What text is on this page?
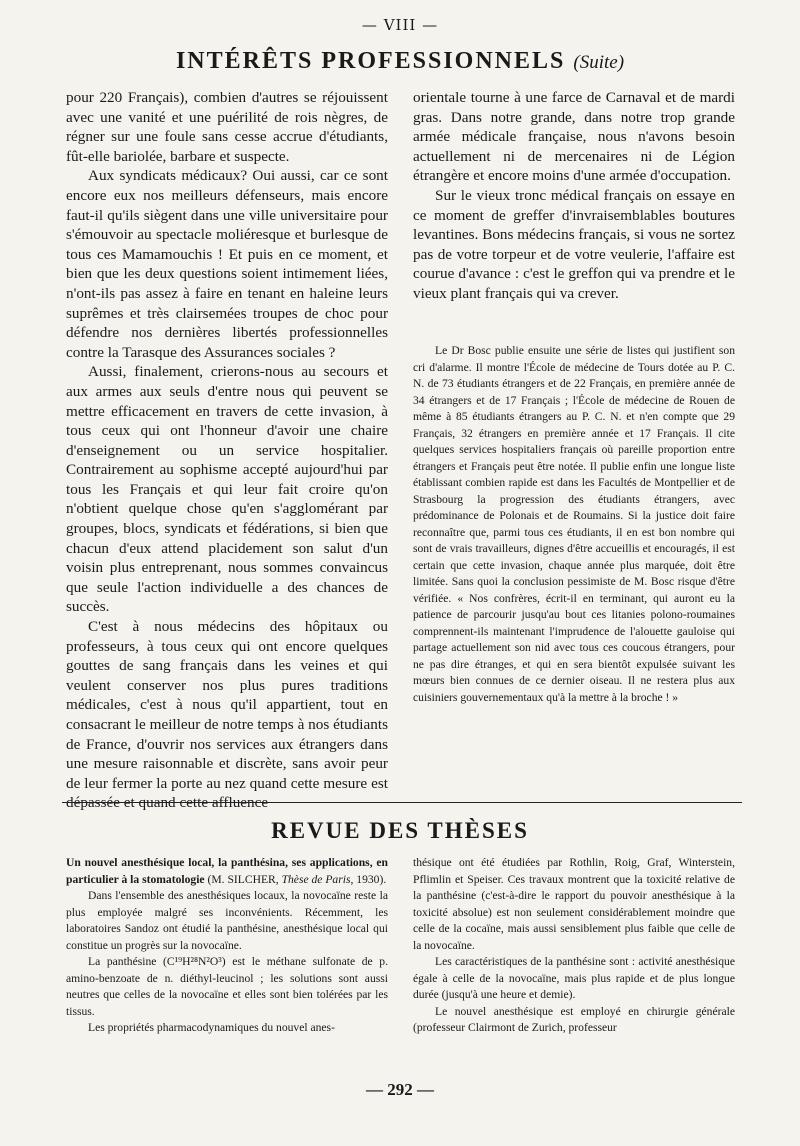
— VIII —
INTÉRÊTS PROFESSIONNELS (Suite)

pour 220 Français), combien d'autres se réjouissent avec une vanité et une puérilité de rois nègres, de régner sur une foule sans cesse accrue d'étudiants, fût-elle bariolée, barbare et suspecte.

Aux syndicats médicaux? Oui aussi, car ce sont encore eux nos meilleurs défenseurs, mais encore faut-il qu'ils siègent dans une ville universitaire pour s'émouvoir au spectacle moliéresque et burlesque de tous ces Mamamouchis ! Et puis en ce moment, et bien que les deux questions soient intimement liées, n'ont-ils pas assez à faire en tenant en haleine leurs suprêmes et très clairsemées troupes de choc pour défendre nos dernières libertés professionnelles contre la Tarasque des Assurances sociales ?

Aussi, finalement, crierons-nous au secours et aux armes aux seuls d'entre nous qui peuvent se mettre efficacement en travers de cette invasion, à tous ceux qui ont l'honneur d'avoir une chaire d'enseignement ou un service hospitalier. Contrairement au sophisme accepté aujourd'hui par tous les Français et qui leur fait croire qu'on n'obtient quelque chose qu'en s'agglomérant par groupes, blocs, syndicats et fédérations, si bien que chacun d'eux attend placidement son salut d'un voisin plus entreprenant, nous sommes convaincus que seule l'action individuelle a des chances de succès.

C'est à nous médecins des hôpitaux ou professeurs, à tous ceux qui ont encore quelques gouttes de sang français dans les veines et qui veulent conserver nos plus pures traditions médicales, c'est à nous qu'il appartient, tout en consacrant le meilleur de notre temps à nos étudiants de France, d'ouvrir nos services aux étrangers dans une mesure raisonnable et discrète, sans avoir peur de leur fermer la porte au nez quand cette mesure est dépassée et quand cette affluence

orientale tourne à une farce de Carnaval et de mardi gras. Dans notre grande, dans notre trop grande armée médicale française, nous n'avons besoin actuellement ni de mercenaires ni de Légion étrangère et encore moins d'une armée d'occupation.

Sur le vieux tronc médical français on essaye en ce moment de greffer d'invraisemblables boutures levantines. Bons médecins français, si vous ne sortez pas de votre torpeur et de votre veulerie, l'affaire est courue d'avance : c'est le greffon qui va prendre et le vieux plant français qui va crever.

Le Dr Bosc publie ensuite une série de listes qui justifient son cri d'alarme. Il montre l'École de médecine de Tours dotée au P. C. N. de 73 étudiants étrangers et de 22 Français, en première année de 34 étrangers et de 17 Français ; l'École de médecine de Rouen de même à 85 étudiants étrangers au P. C. N. et n'en compte que 29 Français, 32 étrangers en première année et 17 Français. Il cite quelques services hospitaliers français où pareille proportion entre étrangers et Français peut être notée. Il publie enfin une longue liste établissant combien rapide est dans les Facultés de Montpellier et de Strasbourg la progression des étudiants étrangers, avec prédominance de Polonais et de Roumains. Si la justice doit faire reconnaître que, parmi tous ces étudiants, il en est bon nombre qui sont de vrais travailleurs, dignes d'être accueillis et encouragés, il est certain que cette invasion, chaque année plus marquée, doit être limitée. Sans quoi la conclusion pessimiste de M. Bosc risque d'être vérifiée. « Nos confrères, écrit-il en terminant, qui auront eu la patience de parcourir jusqu'au bout ces litanies polono-roumaines comprennent-ils maintenant l'imprudence de l'alouette gauloise qui partage actuellement son nid avec tous ces coucous étrangers, pour ne pas dire étranges, et qui en sera bientôt expulsée suivant les mœurs bien connues de ce dernier oiseau. Il ne restera plus aux cuisiniers gouvernementaux qu'à la mettre à la broche ! »

REVUE DES THÈSES

Un nouvel anesthésique local, la panthésina, ses applications, en particulier à la stomatologie (M. SILCHER, Thèse de Paris, 1930).

Dans l'ensemble des anesthésiques locaux, la novocaïne reste la plus employée malgré ses inconvénients. Récemment, les laboratoires Sandoz ont étudié la panthésine, anesthésique local qui constitue un progrès sur la novocaïne.

La panthésine (C¹⁹H²⁸N²O³) est le méthane sulfonate de p. amino-benzoate de n. diéthyl-leucinol ; les solutions sont aussi neutres que celles de la novocaïne et elles sont bien tolérées par les tissus.

Les propriétés pharmacodynamiques du nouvel anes-

thésique ont été étudiées par Rothlin, Roig, Graf, Winterstein, Pflimlin et Speiser. Ces travaux montrent que la toxicité relative de la panthésine (c'est-à-dire le rapport du pouvoir anesthésique à la toxicité absolue) est non seulement considérablement moindre que celle de la cocaïne, mais aussi sensiblement plus faible que celle de la novocaïne.

Les caractéristiques de la panthésine sont : activité anesthésique égale à celle de la novocaïne, mais plus rapide et de plus longue durée (jusqu'à une heure et demie).

Le nouvel anesthésique est employé en chirurgie générale (professeur Clairmont de Zurich, professeur

— 292 —
